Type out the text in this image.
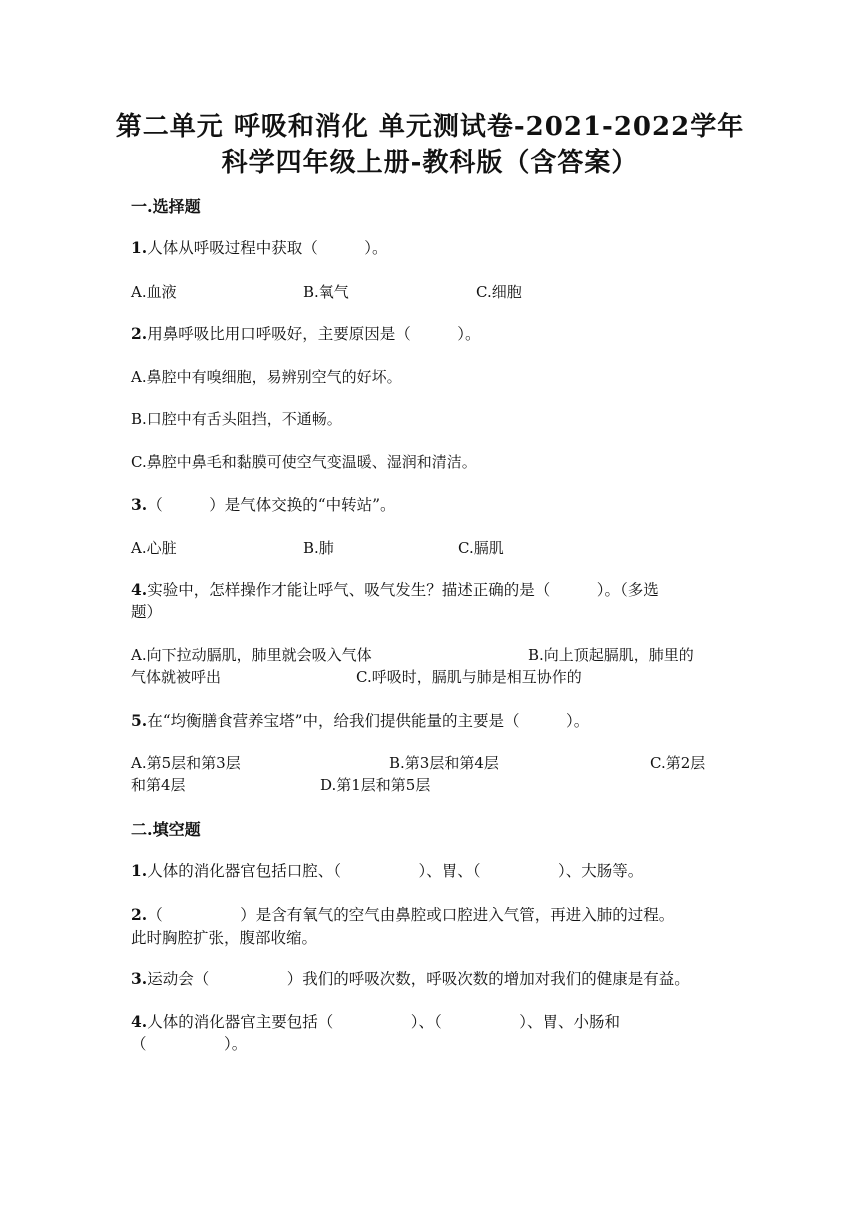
第二单元 呼吸和消化 单元测试卷-2021-2022学年
科学四年级上册-教科版（含答案）
一.选择题
1.人体从呼吸过程中获取（　　　）。
A.血液	B.氧气	C.细胞
2.用鼻呼吸比用口呼吸好，主要原因是（　　　）。
A.鼻腔中有嗅细胞，易辨别空气的好坏。
B.口腔中有舌头阻挡，不通畅。
C.鼻腔中鼻毛和黏膜可使空气变温暖、湿润和清洁。
3.（　　　）是气体交换的“中转站”。
A.心脏	B.肺	C.膈肌
4.实验中，怎样操作才能让呼气、吸气发生？描述正确的是（　　　）。（多选
题）
A.向下拉动膈肌，肺里就会吸入气体	B.向上顶起膈肌，肺里的
气体就被呼出	C.呼吸时，膈肌与肺是相互协作的
5.在“均衡膳食营养宝塔”中，给我们提供能量的主要是（　　　）。
A.第5层和第3层	B.第3层和第4层	C.第2层
和第4层	D.第1层和第5层
二.填空题
1.人体的消化器官包括口腔、（　　　　　）、胃、（　　　　　）、大肠等。
2.（　　　　　）是含有氧气的空气由鼻腔或口腔进入气管，再进入肺的过程。
此时胸腔扩张，腹部收缩。
3.运动会（　　　　　）我们的呼吸次数，呼吸次数的增加对我们的健康是有益。
4.人体的消化器官主要包括（　　　　　）、（　　　　　）、胃、小肠和
（　　　　　）。
